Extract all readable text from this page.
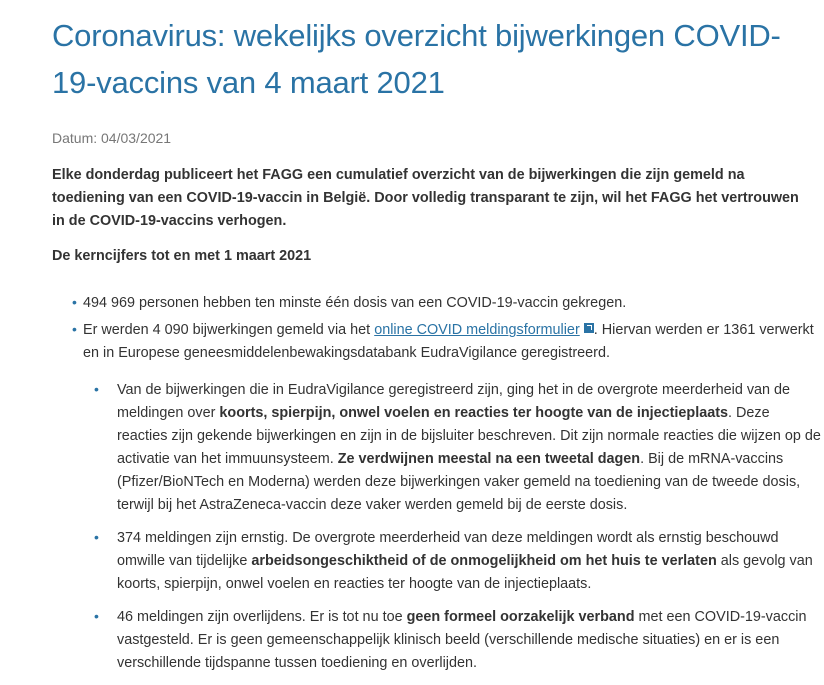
Coronavirus: wekelijks overzicht bijwerkingen COVID-19-vaccins van 4 maart 2021
Datum: 04/03/2021

Elke donderdag publiceert het FAGG een cumulatief overzicht van de bijwerkingen die zijn gemeld na toediening van een COVID-19-vaccin in België. Door volledig transparant te zijn, wil het FAGG het vertrouwen in de COVID-19-vaccins verhogen.

De kerncijfers tot en met 1 maart 2021
• 494 969 personen hebben ten minste één dosis van een COVID-19-vaccin gekregen.
• Er werden 4 090 bijwerkingen gemeld via het online COVID meldingsformulier . Hiervan werden er 1361 verwerkt en in Europese geneesmiddelenbewakingsdatabank EudraVigilance geregistreerd.
• Van de bijwerkingen die in EudraVigilance geregistreerd zijn, ging het in de overgrote meerderheid van de meldingen over koorts, spierpijn, onwel voelen en reacties ter hoogte van de injectieplaats. Deze reacties zijn gekende bijwerkingen en zijn in de bijsluiter beschreven. Dit zijn normale reacties die wijzen op de activatie van het immuunsysteem. Ze verdwijnen meestal na een tweetal dagen. Bij de mRNA-vaccins (Pfizer/BioNTech en Moderna) werden deze bijwerkingen vaker gemeld na toediening van de tweede dosis, terwijl bij het AstraZeneca-vaccin deze vaker werden gemeld bij de eerste dosis.
• 374 meldingen zijn ernstig. De overgrote meerderheid van deze meldingen wordt als ernstig beschouwd omwille van tijdelijke arbeidsongeschiktheid of de onmogelijkheid om het huis te verlaten als gevolg van koorts, spierpijn, onwel voelen en reacties ter hoogte van de injectieplaats.
• 46 meldingen zijn overlijdens. Er is tot nu toe geen formeel oorzakelijk verband met een COVID-19-vaccin vastgesteld. Er is geen gemeenschappelijk klinisch beeld (verschillende medische situaties) en er is een verschillende tijdspanne tussen toediening en overlijden.
